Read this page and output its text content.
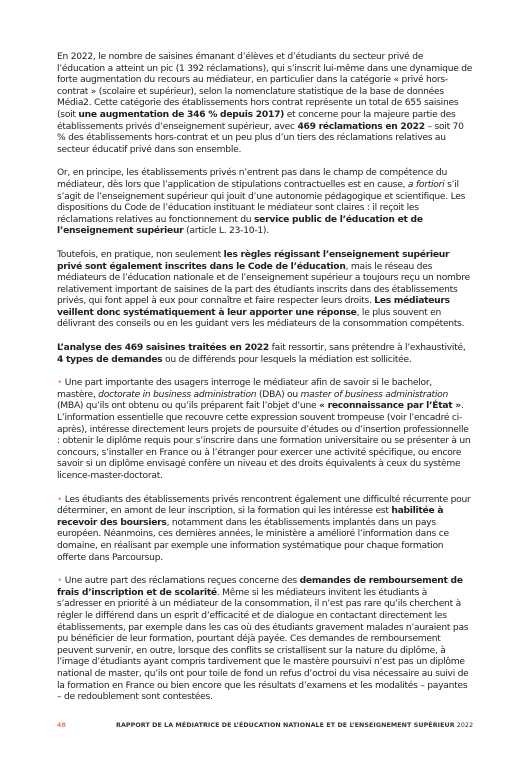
En 2022, le nombre de saisines émanant d’élèves et d’étudiants du secteur privé de l’éducation a atteint un pic (1 392 réclamations), qui s’inscrit lui-même dans une dynamique de forte augmentation du recours au médiateur, en particulier dans la catégorie « privé hors-contrat » (scolaire et supérieur), selon la nomenclature statistique de la base de données Média2. Cette catégorie des établissements hors contrat représente un total de 655 saisines (soit une augmentation de 346 % depuis 2017) et concerne pour la majeure partie des établissements privés d’enseignement supérieur, avec 469 réclamations en 2022 – soit 70 % des établissements hors-contrat et un peu plus d’un tiers des réclamations relatives au secteur éducatif privé dans son ensemble.

Or, en principe, les établissements privés n’entrent pas dans le champ de compétence du médiateur, dès lors que l’application de stipulations contractuelles est en cause, a fortiori s’il s’agit de l’enseignement supérieur qui jouit d’une autonomie pédagogique et scientifique. Les dispositions du Code de l’éducation instituant le médiateur sont claires : il reçoit les réclamations relatives au fonctionnement du service public de l’éducation et de l’enseignement supérieur (article L. 23-10-1).

Toutefois, en pratique, non seulement les règles régissant l’enseignement supérieur privé sont également inscrites dans le Code de l’éducation, mais le réseau des médiateurs de l’éducation nationale et de l’enseignement supérieur a toujours reçu un nombre relativement important de saisines de la part des étudiants inscrits dans des établissements privés, qui font appel à eux pour connaître et faire respecter leurs droits. Les médiateurs veillent donc systématiquement à leur apporter une réponse, le plus souvent en délivrant des conseils ou en les guidant vers les médiateurs de la consommation compétents.

L’analyse des 469 saisines traitées en 2022 fait ressortir, sans prétendre à l’exhaustivité, 4 types de demandes ou de différends pour lesquels la médiation est sollicitée.

• Une part importante des usagers interroge le médiateur afin de savoir si le bachelor, mastère, doctorate in business administration (DBA) ou master of business administration (MBA) qu’ils ont obtenu ou qu’ils préparent fait l’objet d’une « reconnaissance par l’État ». L’information essentielle que recouvre cette expression souvent trompeuse (voir l’encadré ci-après), intéresse directement leurs projets de poursuite d’études ou d’insertion professionnelle : obtenir le diplôme requis pour s’inscrire dans une formation universitaire ou se présenter à un concours, s’installer en France ou à l’étranger pour exercer une activité spécifique, ou encore savoir si un diplôme envisagé confère un niveau et des droits équivalents à ceux du système licence-master-doctorat.

• Les étudiants des établissements privés rencontrent également une difficulté récurrente pour déterminer, en amont de leur inscription, si la formation qui les intéresse est habilitée à recevoir des boursiers, notamment dans les établissements implantés dans un pays européen. Néanmoins, ces dernières années, le ministère a amélioré l’information dans ce domaine, en réalisant par exemple une information systématique pour chaque formation offerte dans Parcoursup.

• Une autre part des réclamations reçues concerne des demandes de remboursement de frais d’inscription et de scolarité. Même si les médiateurs invitent les étudiants à s’adresser en priorité à un médiateur de la consommation, il n’est pas rare qu’ils cherchent à régler le différend dans un esprit d’efficacité et de dialogue en contactant directement les établissements, par exemple dans les cas où des étudiants gravement malades n’auraient pas pu bénéficier de leur formation, pourtant déjà payée. Ces demandes de remboursement peuvent survenir, en outre, lorsque des conflits se cristallisent sur la nature du diplôme, à l’image d’étudiants ayant compris tardivement que le mastère poursuivi n’est pas un diplôme national de master, qu’ils ont pour toile de fond un refus d’octroi du visa nécessaire au suivi de la formation en France ou bien encore que les résultats d’examens et les modalités – payantes – de redoublement sont contestées.

48	RAPPORT DE LA MÉDIATRICE DE L’ÉDUCATION NATIONALE ET DE L’ENSEIGNEMENT SUPÉRIEUR 2022
